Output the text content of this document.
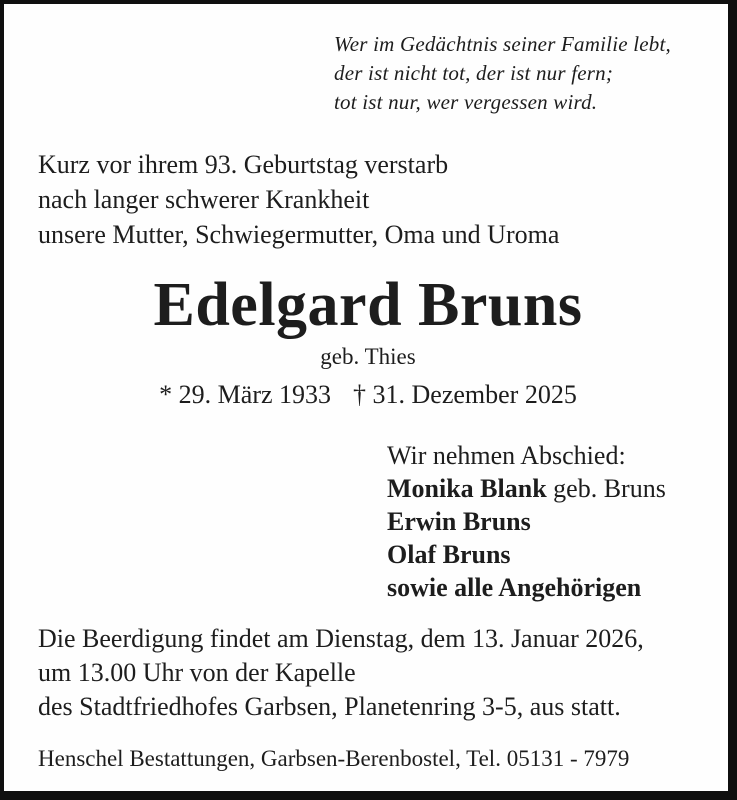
Wer im Gedächtnis seiner Familie lebt,
der ist nicht tot, der ist nur fern;
tot ist nur, wer vergessen wird.
Kurz vor ihrem 93. Geburtstag verstarb
nach langer schwerer Krankheit
unsere Mutter, Schwiegermutter, Oma und Uroma
Edelgard Bruns
geb. Thies
* 29. März 1933 † 31. Dezember 2025
Wir nehmen Abschied:
Monika Blank geb. Bruns
Erwin Bruns
Olaf Bruns
sowie alle Angehörigen
Die Beerdigung findet am Dienstag, dem 13. Januar 2026,
um 13.00 Uhr von der Kapelle
des Stadtfriedhofes Garbsen, Planetenring 3-5, aus statt.
Henschel Bestattungen, Garbsen-Berenbostel, Tel. 05131 - 7979
